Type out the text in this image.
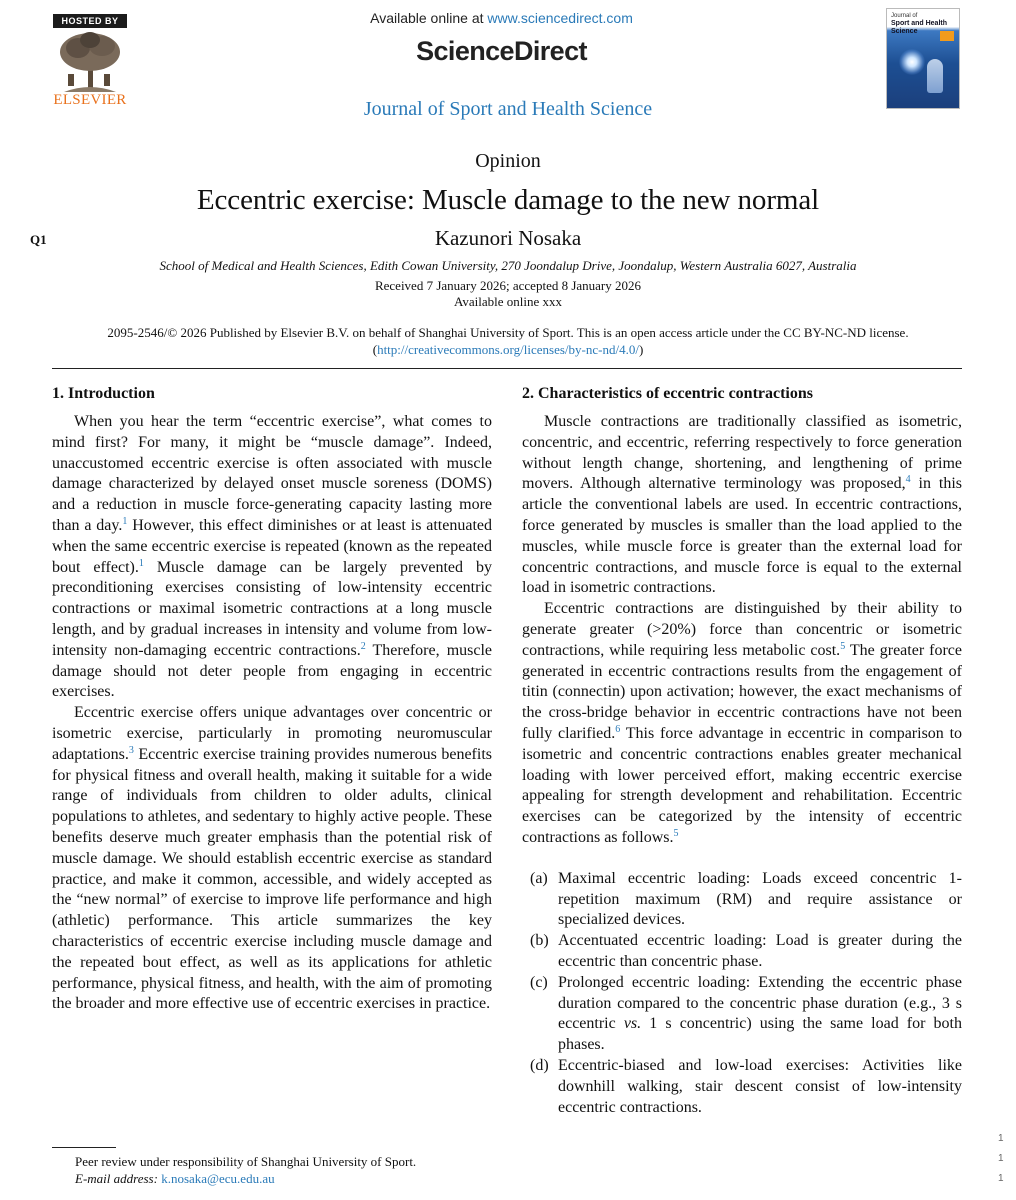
HOSTED BY
ELSEVIER
Available online at www.sciencedirect.com
ScienceDirect
Journal of Sport and Health Science
Journal of
Sport and Health Science
Opinion
Eccentric exercise: Muscle damage to the new normal
Q1	Kazunori Nosaka
School of Medical and Health Sciences, Edith Cowan University, 270 Joondalup Drive, Joondalup, Western Australia 6027, Australia
Received 7 January 2026; accepted 8 January 2026
Available online xxx
2095-2546/© 2026 Published by Elsevier B.V. on behalf of Shanghai University of Sport. This is an open access article under the CC BY-NC-ND license.
(http://creativecommons.org/licenses/by-nc-nd/4.0/)
1. Introduction

When you hear the term “eccentric exercise”, what comes to mind first? For many, it might be “muscle damage”. Indeed, unaccustomed eccentric exercise is often associated with muscle damage characterized by delayed onset muscle soreness (DOMS) and a reduction in muscle force-generating capacity lasting more than a day.$^1$ However, this effect diminishes or at least is attenuated when the same eccentric exercise is repeated (known as the repeated bout effect).$^1$ Muscle damage can be largely prevented by preconditioning exercises consisting of low-intensity eccentric contractions or maximal isometric contractions at a long muscle length, and by gradual increases in intensity and volume from low-intensity non-damaging eccentric contractions.$^2$ Therefore, muscle damage should not deter people from engaging in eccentric exercises.

Eccentric exercise offers unique advantages over concentric or isometric exercise, particularly in promoting neuromuscular adaptations.$^3$ Eccentric exercise training provides numerous benefits for physical fitness and overall health, making it suitable for a wide range of individuals from children to older adults, clinical populations to athletes, and sedentary to highly active people. These benefits deserve much greater emphasis than the potential risk of muscle damage. We should establish eccentric exercise as standard practice, and make it common, accessible, and widely accepted as the “new normal” of exercise to improve life performance and high (athletic) performance. This article summarizes the key characteristics of eccentric exercise including muscle damage and the repeated bout effect, as well as its applications for athletic performance, physical fitness, and health, with the aim of promoting the broader and more effective use of eccentric exercises in practice.

2. Characteristics of eccentric contractions

Muscle contractions are traditionally classified as isometric, concentric, and eccentric, referring respectively to force generation without length change, shortening, and lengthening of prime movers. Although alternative terminology was proposed,$^4$ in this article the conventional labels are used. In eccentric contractions, force generated by muscles is smaller than the load applied to the muscles, while muscle force is greater than the external load for concentric contractions, and muscle force is equal to the external load in isometric contractions.

Eccentric contractions are distinguished by their ability to generate greater (>20%) force than concentric or isometric contractions, while requiring less metabolic cost.$^5$ The greater force generated in eccentric contractions results from the engagement of titin (connectin) upon activation; however, the exact mechanisms of the cross-bridge behavior in eccentric contractions have not been fully clarified.$^6$ This force advantage in eccentric in comparison to isometric and concentric contractions enables greater mechanical loading with lower perceived effort, making eccentric exercise appealing for strength development and rehabilitation. Eccentric exercises can be categorized by the intensity of eccentric contractions as follows.$^5$

(a) Maximal eccentric loading: Loads exceed concentric 1-repetition maximum (RM) and require assistance or specialized devices.
(b) Accentuated eccentric loading: Load is greater during the eccentric than concentric phase.
(c) Prolonged eccentric loading: Extending the eccentric phase duration compared to the concentric phase duration (e.g., 3 s eccentric vs. 1 s concentric) using the same load for both phases.
(d) Eccentric-biased and low-load exercises: Activities like downhill walking, stair descent consist of low-intensity eccentric contractions.
Peer review under responsibility of Shanghai University of Sport.
E-mail address: k.nosaka@ecu.edu.au
1
1
1
